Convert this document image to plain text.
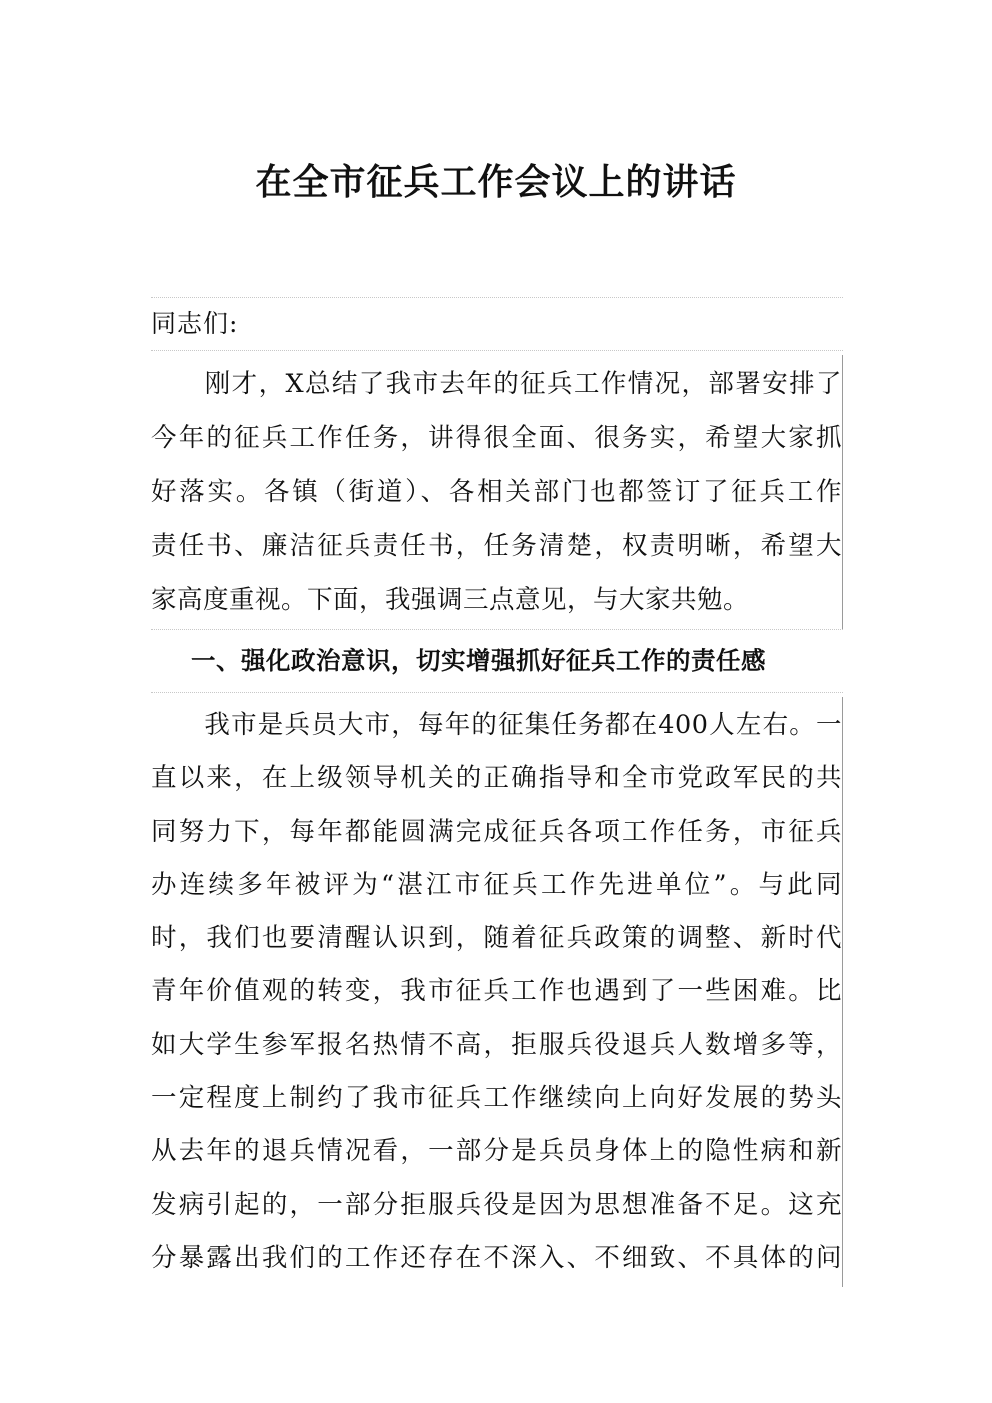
在全市征兵工作会议上的讲话
同志们:
　　刚才，X总结了我市去年的征兵工作情况，部署安排了
今年的征兵工作任务，讲得很全面、很务实，希望大家抓
好落实。各镇（街道）、各相关部门也都签订了征兵工作
责任书、廉洁征兵责任书，任务清楚，权责明晰，希望大
家高度重视。下面，我强调三点意见，与大家共勉。
一、强化政治意识，切实增强抓好征兵工作的责任感
　　我市是兵员大市，每年的征集任务都在400人左右。一
直以来，在上级领导机关的正确指导和全市党政军民的共
同努力下，每年都能圆满完成征兵各项工作任务，市征兵
办连续多年被评为“湛江市征兵工作先进单位”。与此同
时，我们也要清醒认识到，随着征兵政策的调整、新时代
青年价值观的转变，我市征兵工作也遇到了一些困难。比
如大学生参军报名热情不高，拒服兵役退兵人数增多等，
一定程度上制约了我市征兵工作继续向上向好发展的势头
从去年的退兵情况看，一部分是兵员身体上的隐性病和新
发病引起的，一部分拒服兵役是因为思想准备不足。这充
分暴露出我们的工作还存在不深入、不细致、不具体的问
